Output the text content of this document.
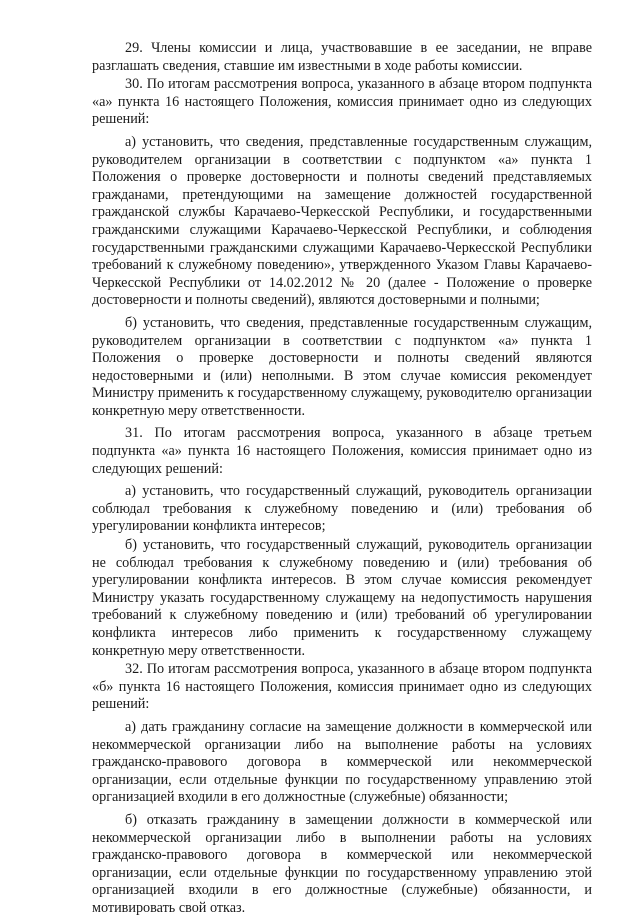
29. Члены комиссии и лица, участвовавшие в ее заседании, не вправе разглашать сведения, ставшие им известными в ходе работы комиссии.

30. По итогам рассмотрения вопроса, указанного в абзаце втором подпункта «а» пункта 16 настоящего Положения, комиссия принимает одно из следующих решений:

а) установить, что сведения, представленные государственным служащим, руководителем организации в соответствии с подпунктом «а» пункта 1 Положения о проверке достоверности и полноты сведений представляемых гражданами, претендующими на замещение должностей государственной гражданской службы Карачаево-Черкесской Республики, и государственными гражданскими служащими Карачаево-Черкесской Республики, и соблюдения государственными гражданскими служащими Карачаево-Черкесской Республики требований к служебному поведению», утвержденного Указом Главы Карачаево-Черкесской Республики от 14.02.2012 № 20 (далее - Положение о проверке достоверности и полноты сведений), являются достоверными и полными;

б) установить, что сведения, представленные государственным служащим, руководителем организации в соответствии с подпунктом «а» пункта 1 Положения о проверке достоверности и полноты сведений являются недостоверными и (или) неполными. В этом случае комиссия рекомендует Министру применить к государственному служащему, руководителю организации конкретную меру ответственности.

31. По итогам рассмотрения вопроса, указанного в абзаце третьем подпункта «а» пункта 16 настоящего Положения, комиссия принимает одно из следующих решений:

а) установить, что государственный служащий, руководитель организации соблюдал требования к служебному поведению и (или) требования об урегулировании конфликта интересов;

б) установить, что государственный служащий, руководитель организации не соблюдал требования к служебному поведению и (или) требования об урегулировании конфликта интересов. В этом случае комиссия рекомендует Министру указать государственному служащему на недопустимость нарушения требований к служебному поведению и (или) требований об урегулировании конфликта интересов либо применить к государственному служащему конкретную меру ответственности.

32. По итогам рассмотрения вопроса, указанного в абзаце втором подпункта «б» пункта 16 настоящего Положения, комиссия принимает одно из следующих решений:

а) дать гражданину согласие на замещение должности в коммерческой или некоммерческой организации либо на выполнение работы на условиях гражданско-правового договора в коммерческой или некоммерческой организации, если отдельные функции по государственному управлению этой организацией входили в его должностные (служебные) обязанности;

б) отказать гражданину в замещении должности в коммерческой или некоммерческой организации либо в выполнении работы на условиях гражданско-правового договора в коммерческой или некоммерческой организации, если отдельные функции по государственному управлению этой организацией входили в его должностные (служебные) обязанности, и мотивировать свой отказ.
